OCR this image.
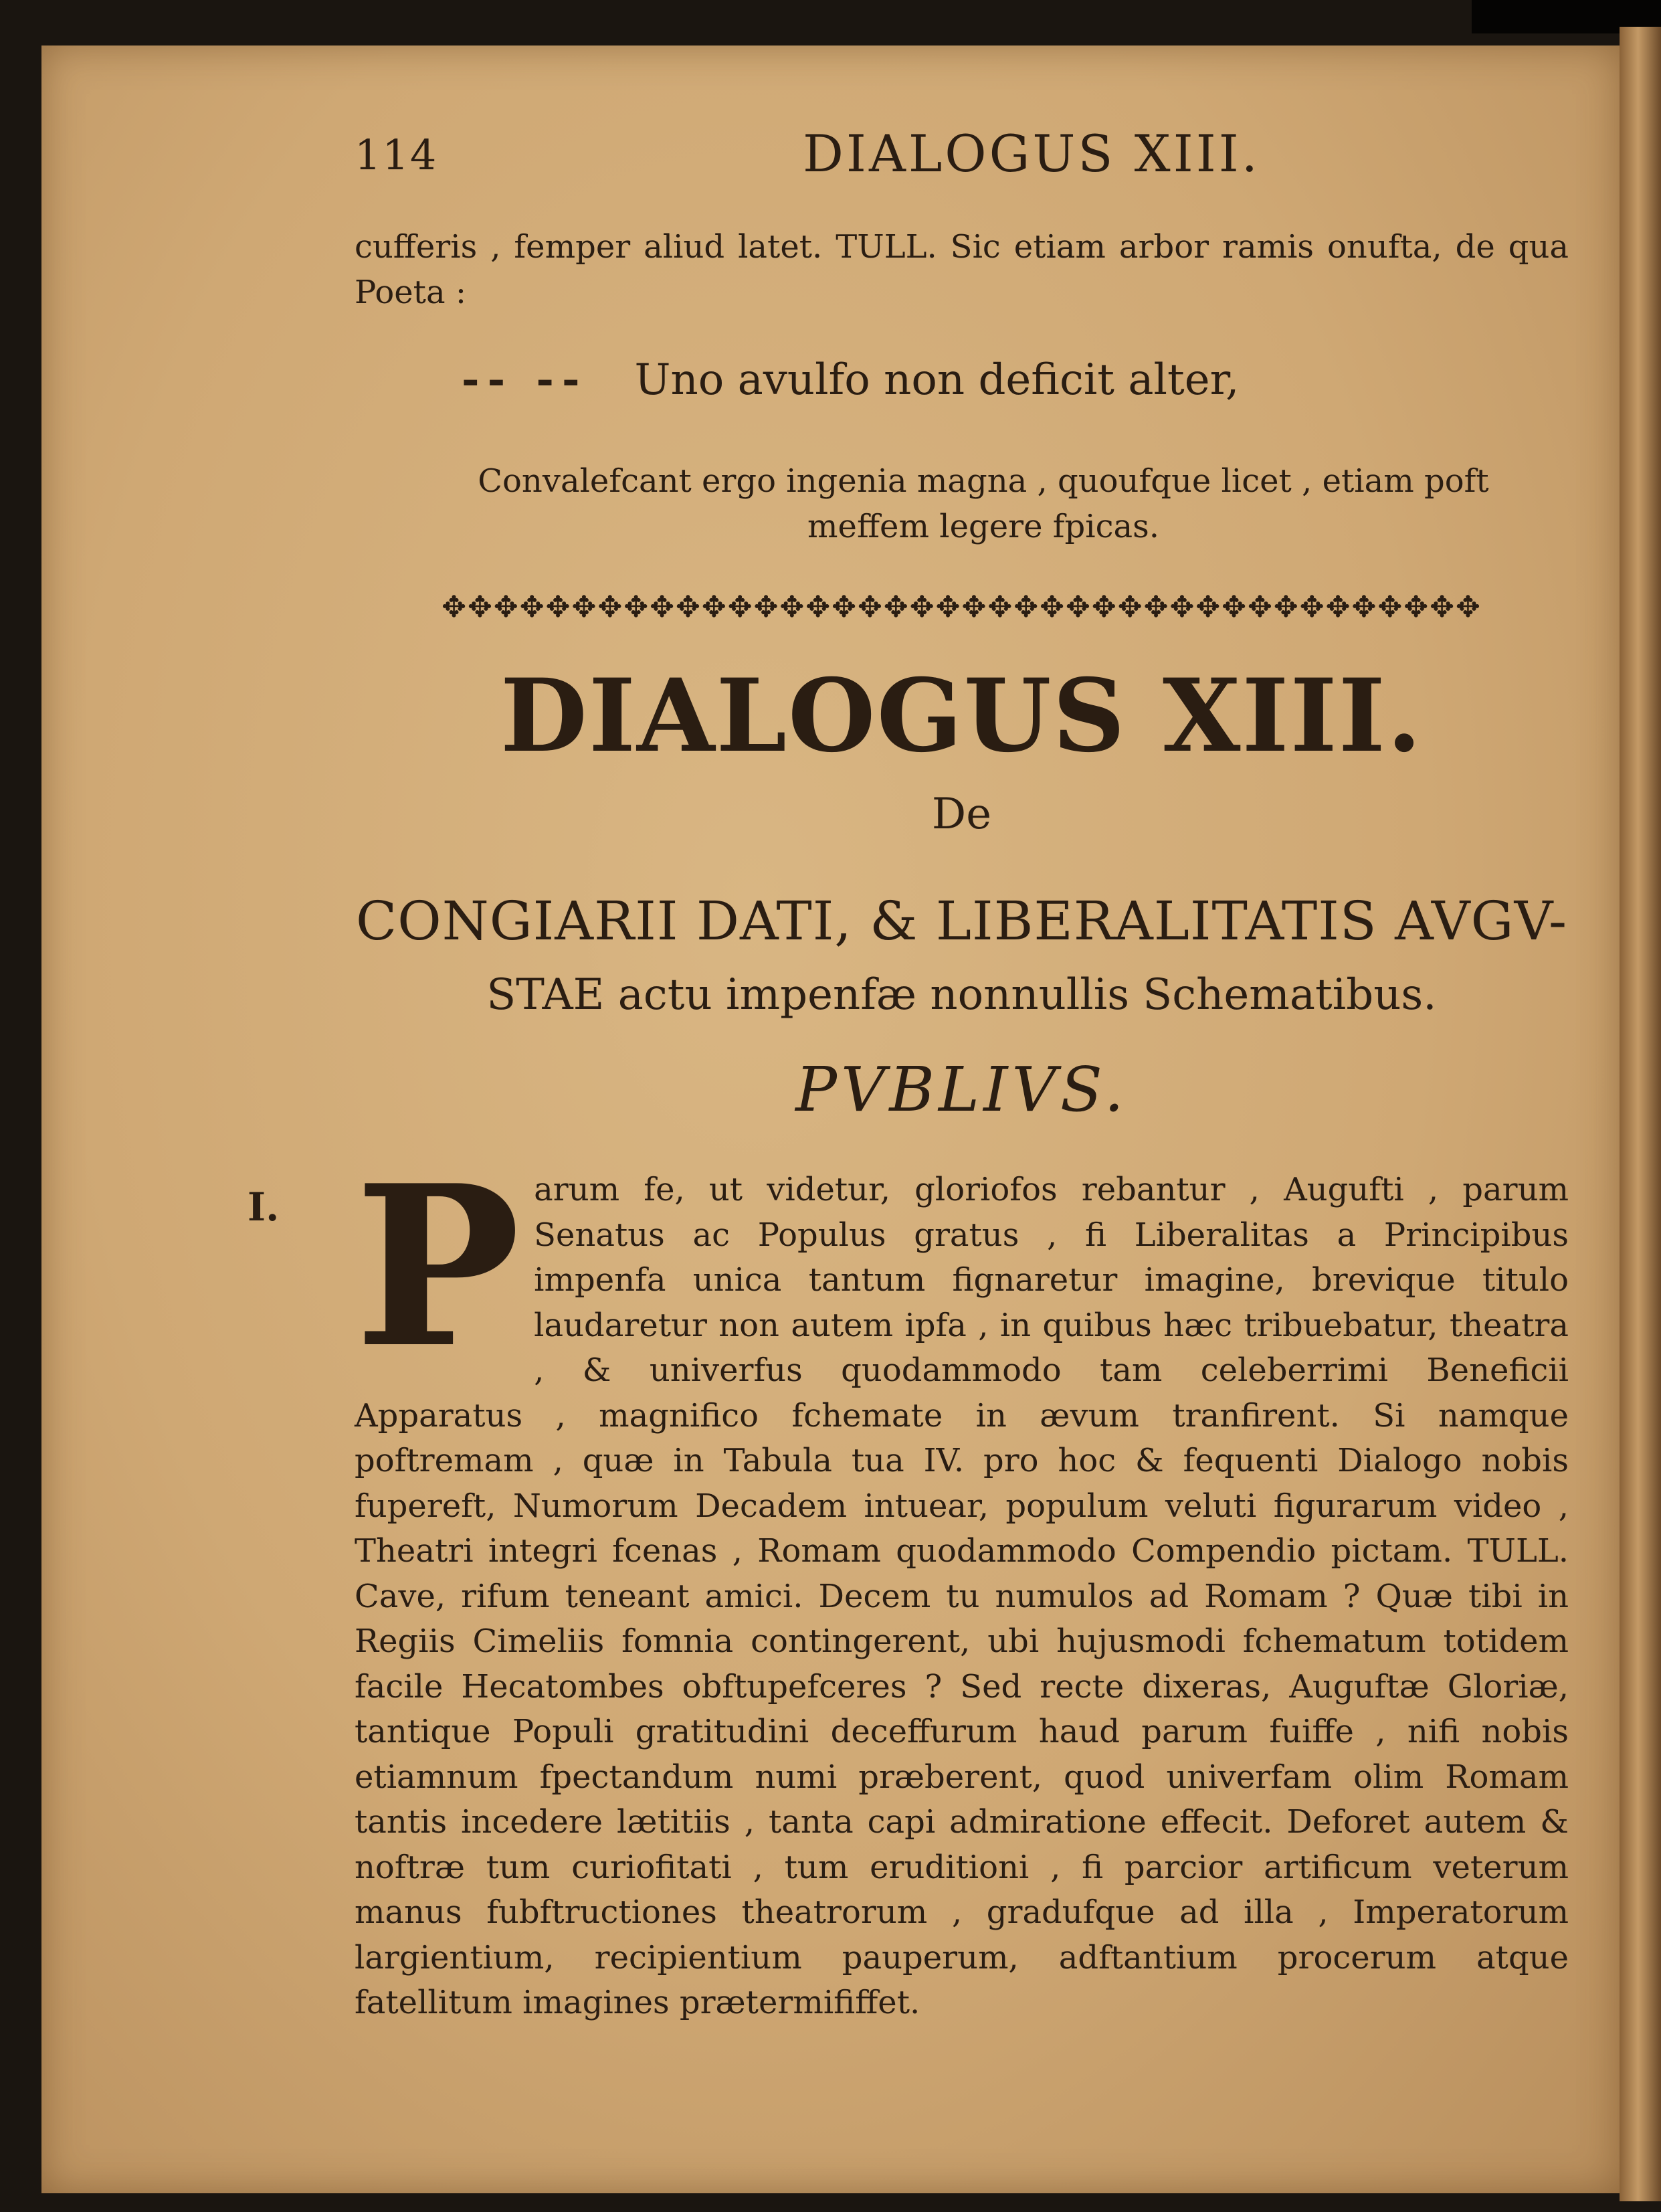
114	DIALOGUS XIII.
cufferis , femper aliud latet. TULL. Sic etiam arbor ramis onufta, de qua Poeta :
-- -- Uno avulfo non deficit alter,
Convalefcant ergo ingenia magna , quoufque licet , etiam poft meffem legere fpicas.
✥✥✥✥✥✥✥✥✥✥✥✥✥✥✥✥✥✥✥✥✥✥✥✥✥✥✥✥✥✥✥✥✥✥✥✥✥✥✥✥
DIALOGUS XIII.
De
CONGIARII DATI, & LIBERALITATIS AVGV-
STAE actu impenfæ nonnullis Schematibus.
PVBLIVS.
I. P arum fe, ut videtur, gloriofos rebantur , Augufti , parum Senatus ac Populus gratus , fi Liberalitas a Principibus impenfa unica tantum fignaretur imagine, brevique titulo laudaretur non autem ipfa , in quibus hæc tribuebatur, theatra , & univerfus quodammodo tam celeberrimi Beneficii Apparatus , magnifico fchemate in ævum tranfirent. Si namque poftremam , quæ in Tabula tua IV. pro hoc & fequenti Dialogo nobis fupereft, Numorum Decadem intuear, populum veluti figurarum video , Theatri integri fcenas , Romam quodammodo Compendio pictam. TULL. Cave, rifum teneant amici. Decem tu numulos ad Romam ? Quæ tibi in Regiis Cimeliis fomnia contingerent, ubi hujusmodi fchematum totidem facile Hecatombes obftupefceres ? Sed recte dixeras, Auguftæ Gloriæ, tantique Populi gratitudini deceffurum haud parum fuiffe , nifi nobis etiamnum fpectandum numi præberent, quod univerfam olim Romam tantis incedere lætitiis , tanta capi admiratione effecit. Deforet autem & noftræ tum curiofitati , tum eruditioni , fi parcior artificum veterum manus fubftructiones theatrorum , gradufque ad illa , Imperatorum largientium, recipientium pauperum, adftantium procerum atque fatellitum imagines prætermififfet.
